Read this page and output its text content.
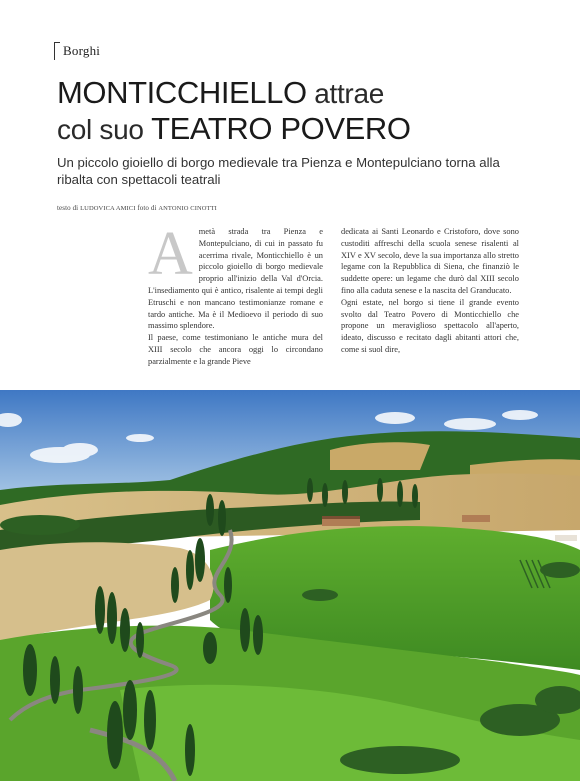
Borghi
MONTICCHIELLO attrae
col suo TEATRO POVERO
Un piccolo gioiello di borgo medievale tra Pienza e Montepulciano torna alla ribalta con spettacoli teatrali
testo di LUDOVICA AMICI foto di ANTONIO CINOTTI
A metà strada tra Pienza e Montepulciano, di cui in passato fu acerrima rivale, Monticchiello è un piccolo gioiello di borgo medievale proprio all'inizio della Val d'Orcia. L'insediamento qui è antico, risalente ai tempi degli Etruschi e non mancano testimonianze romane e tardo antiche. Ma è il Medioevo il periodo di suo massimo splendore.

Il paese, come testimoniano le antiche mura del XIII secolo che ancora oggi lo circondano parzialmente e la grande Pieve

dedicata ai Santi Leonardo e Cristoforo, dove sono custoditi affreschi della scuola senese risalenti al XIV e XV secolo, deve la sua importanza allo stretto legame con la Repubblica di Siena, che finanziò le suddette opere: un legame che durò dal XIII secolo fino alla caduta senese e la nascita del Granducato.

Ogni estate, nel borgo si tiene il grande evento svolto dal Teatro Povero di Monticchiello che propone un meraviglioso spettacolo all'aperto, ideato, discusso e recitato dagli abitanti attori che, come si suol dire,
